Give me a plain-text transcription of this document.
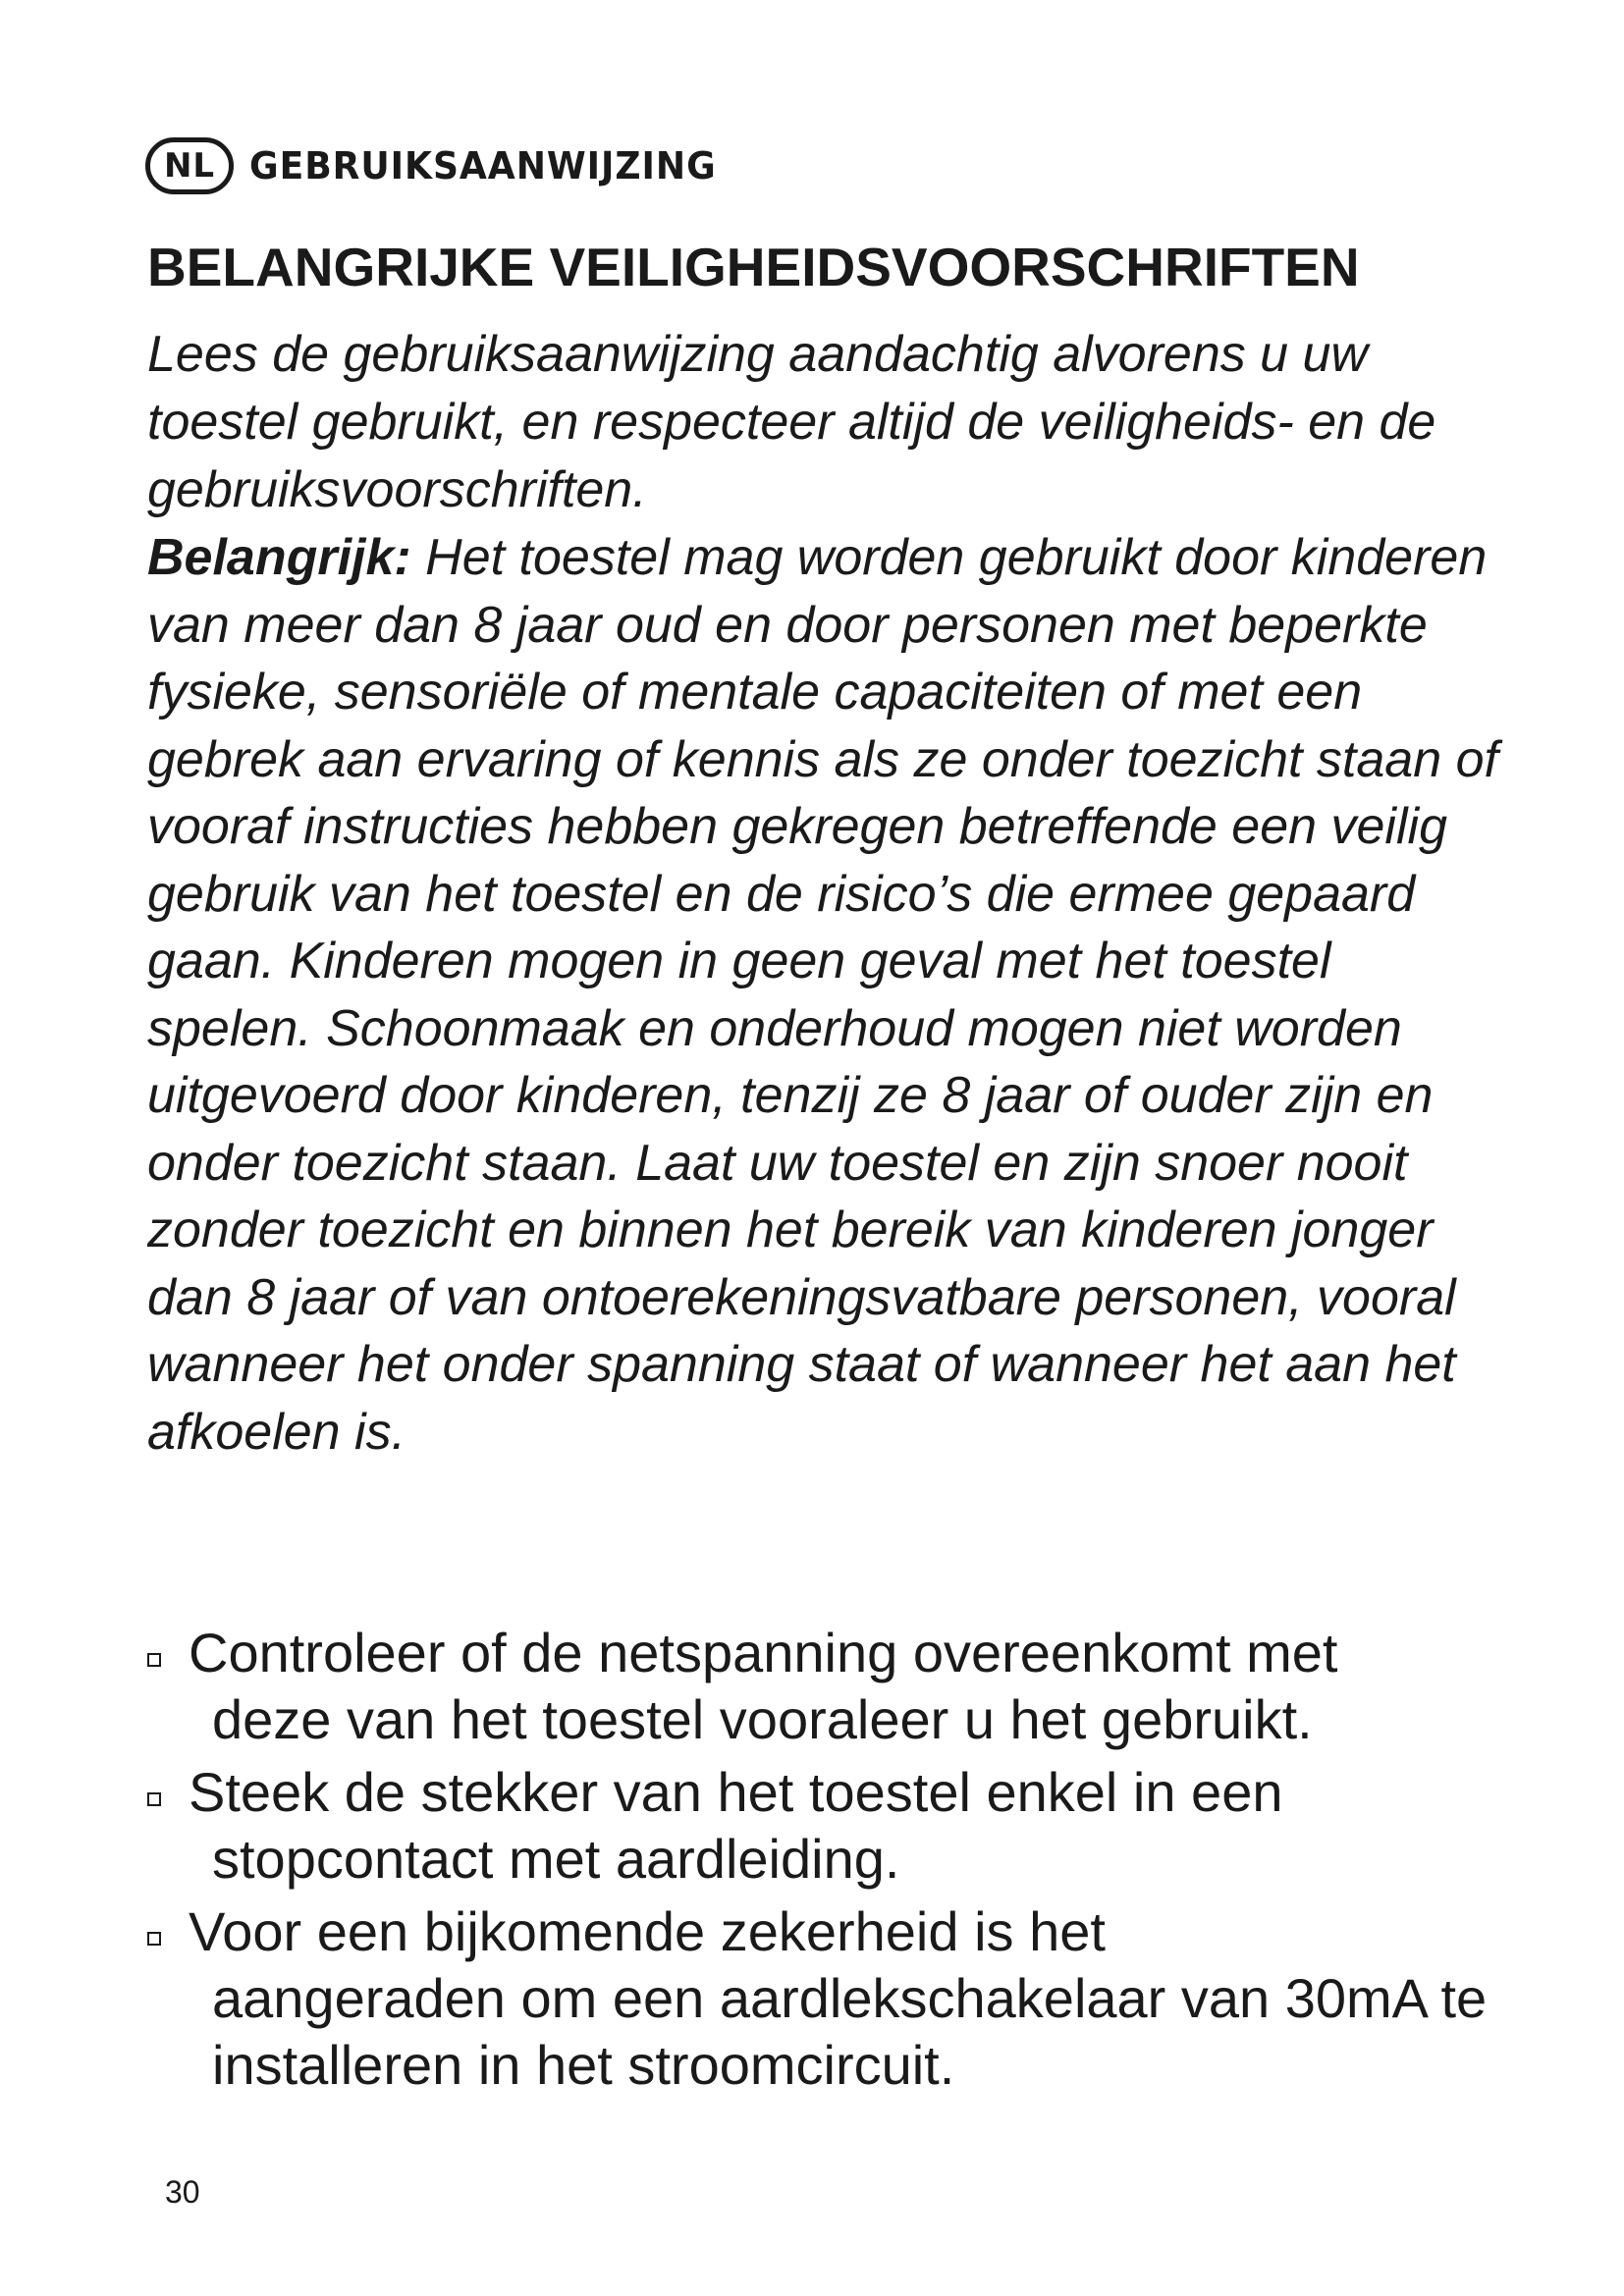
NL GEBRUIKSAANWIJZING
BELANGRIJKE VEILIGHEIDSVOORSCHRIFTEN

Lees de gebruiksaanwijzing aandachtig alvorens u uw toestel gebruikt, en respecteer altijd de veiligheids- en de gebruiksvoorschriften.

Belangrijk: Het toestel mag worden gebruikt door kinderen van meer dan 8 jaar oud en door personen met beperkte fysieke, sensoriële of mentale capaciteiten of met een gebrek aan ervaring of kennis als ze onder toezicht staan of vooraf instructies hebben gekregen betreffende een veilig gebruik van het toestel en de risico’s die ermee gepaard gaan. Kinderen mogen in geen geval met het toestel spelen. Schoonmaak en onderhoud mogen niet worden uitgevoerd door kinderen, tenzij ze 8 jaar of ouder zijn en onder toezicht staan. Laat uw toestel en zijn snoer nooit zonder toezicht en binnen het bereik van kinderen jonger dan 8 jaar of van ontoerekeningsvatbare personen, vooral wanneer het onder spanning staat of wanneer het aan het afkoelen is.

Controleer of de netspanning overeenkomt met
deze van het toestel vooraleer u het gebruikt.
Steek de stekker van het toestel enkel in een
stopcontact met aardleiding.
Voor een bijkomende zekerheid is het
aangeraden om een aardlekschakelaar van 30mA te installeren in het stroomcircuit.
30
